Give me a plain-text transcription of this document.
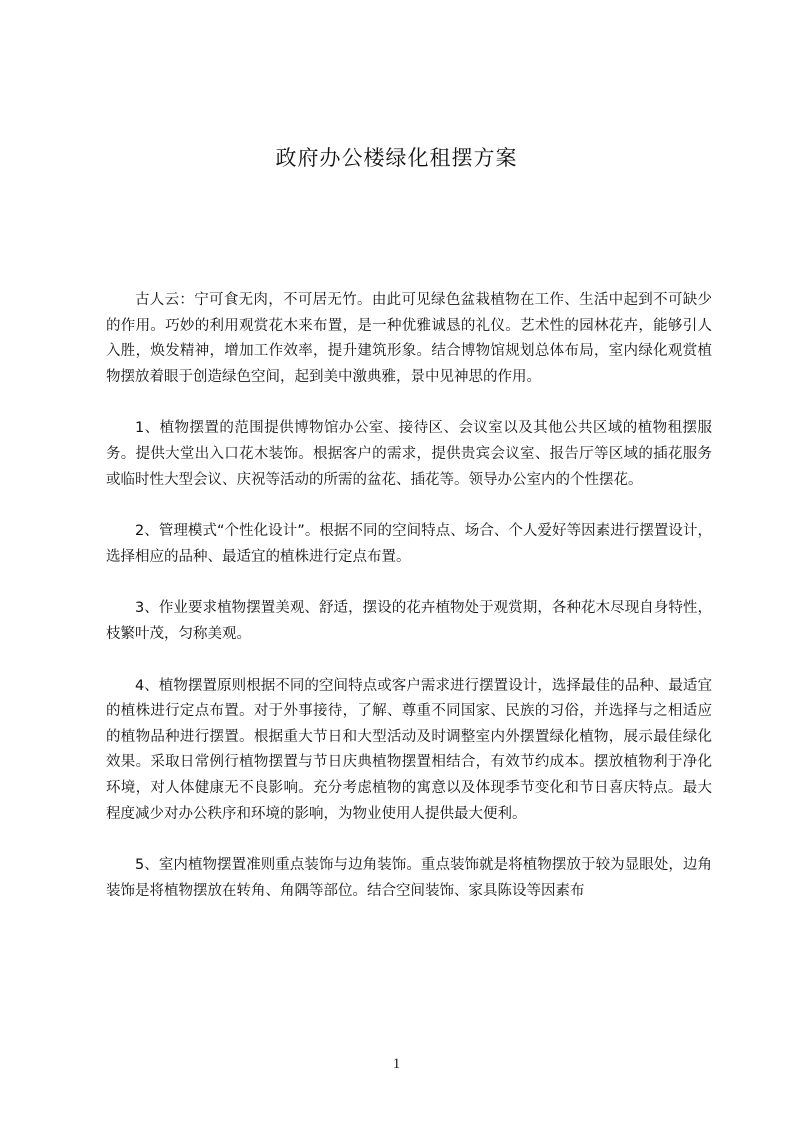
政府办公楼绿化租摆方案

古人云：宁可食无肉，不可居无竹。由此可见绿色盆栽植物在工作、生活中起到不可缺少的作用。巧妙的利用观赏花木来布置，是一种优雅诚恳的礼仪。艺术性的园林花卉，能够引人入胜，焕发精神，增加工作效率，提升建筑形象。结合博物馆规划总体布局，室内绿化观赏植物摆放着眼于创造绿色空间，起到美中激典雅，景中见神思的作用。

1、植物摆置的范围提供博物馆办公室、接待区、会议室以及其他公共区域的植物租摆服务。提供大堂出入口花木装饰。根据客户的需求，提供贵宾会议室、报告厅等区域的插花服务或临时性大型会议、庆祝等活动的所需的盆花、插花等。领导办公室内的个性摆花。

2、管理模式“个性化设计”。根据不同的空间特点、场合、个人爱好等因素进行摆置设计，选择相应的品种、最适宜的植株进行定点布置。

3、作业要求植物摆置美观、舒适，摆设的花卉植物处于观赏期，各种花木尽现自身特性，枝繁叶茂，匀称美观。

4、植物摆置原则根据不同的空间特点或客户需求进行摆置设计，选择最佳的品种、最适宜的植株进行定点布置。对于外事接待，了解、尊重不同国家、民族的习俗，并选择与之相适应的植物品种进行摆置。根据重大节日和大型活动及时调整室内外摆置绿化植物，展示最佳绿化效果。采取日常例行植物摆置与节日庆典植物摆置相结合，有效节约成本。摆放植物利于净化环境，对人体健康无不良影响。充分考虑植物的寓意以及体现季节变化和节日喜庆特点。最大程度减少对办公秩序和环境的影响，为物业使用人提供最大便利。

5、室内植物摆置准则重点装饰与边角装饰。重点装饰就是将植物摆放于较为显眼处，边角装饰是将植物摆放在转角、角隅等部位。结合空间装饰、家具陈设等因素布

1
